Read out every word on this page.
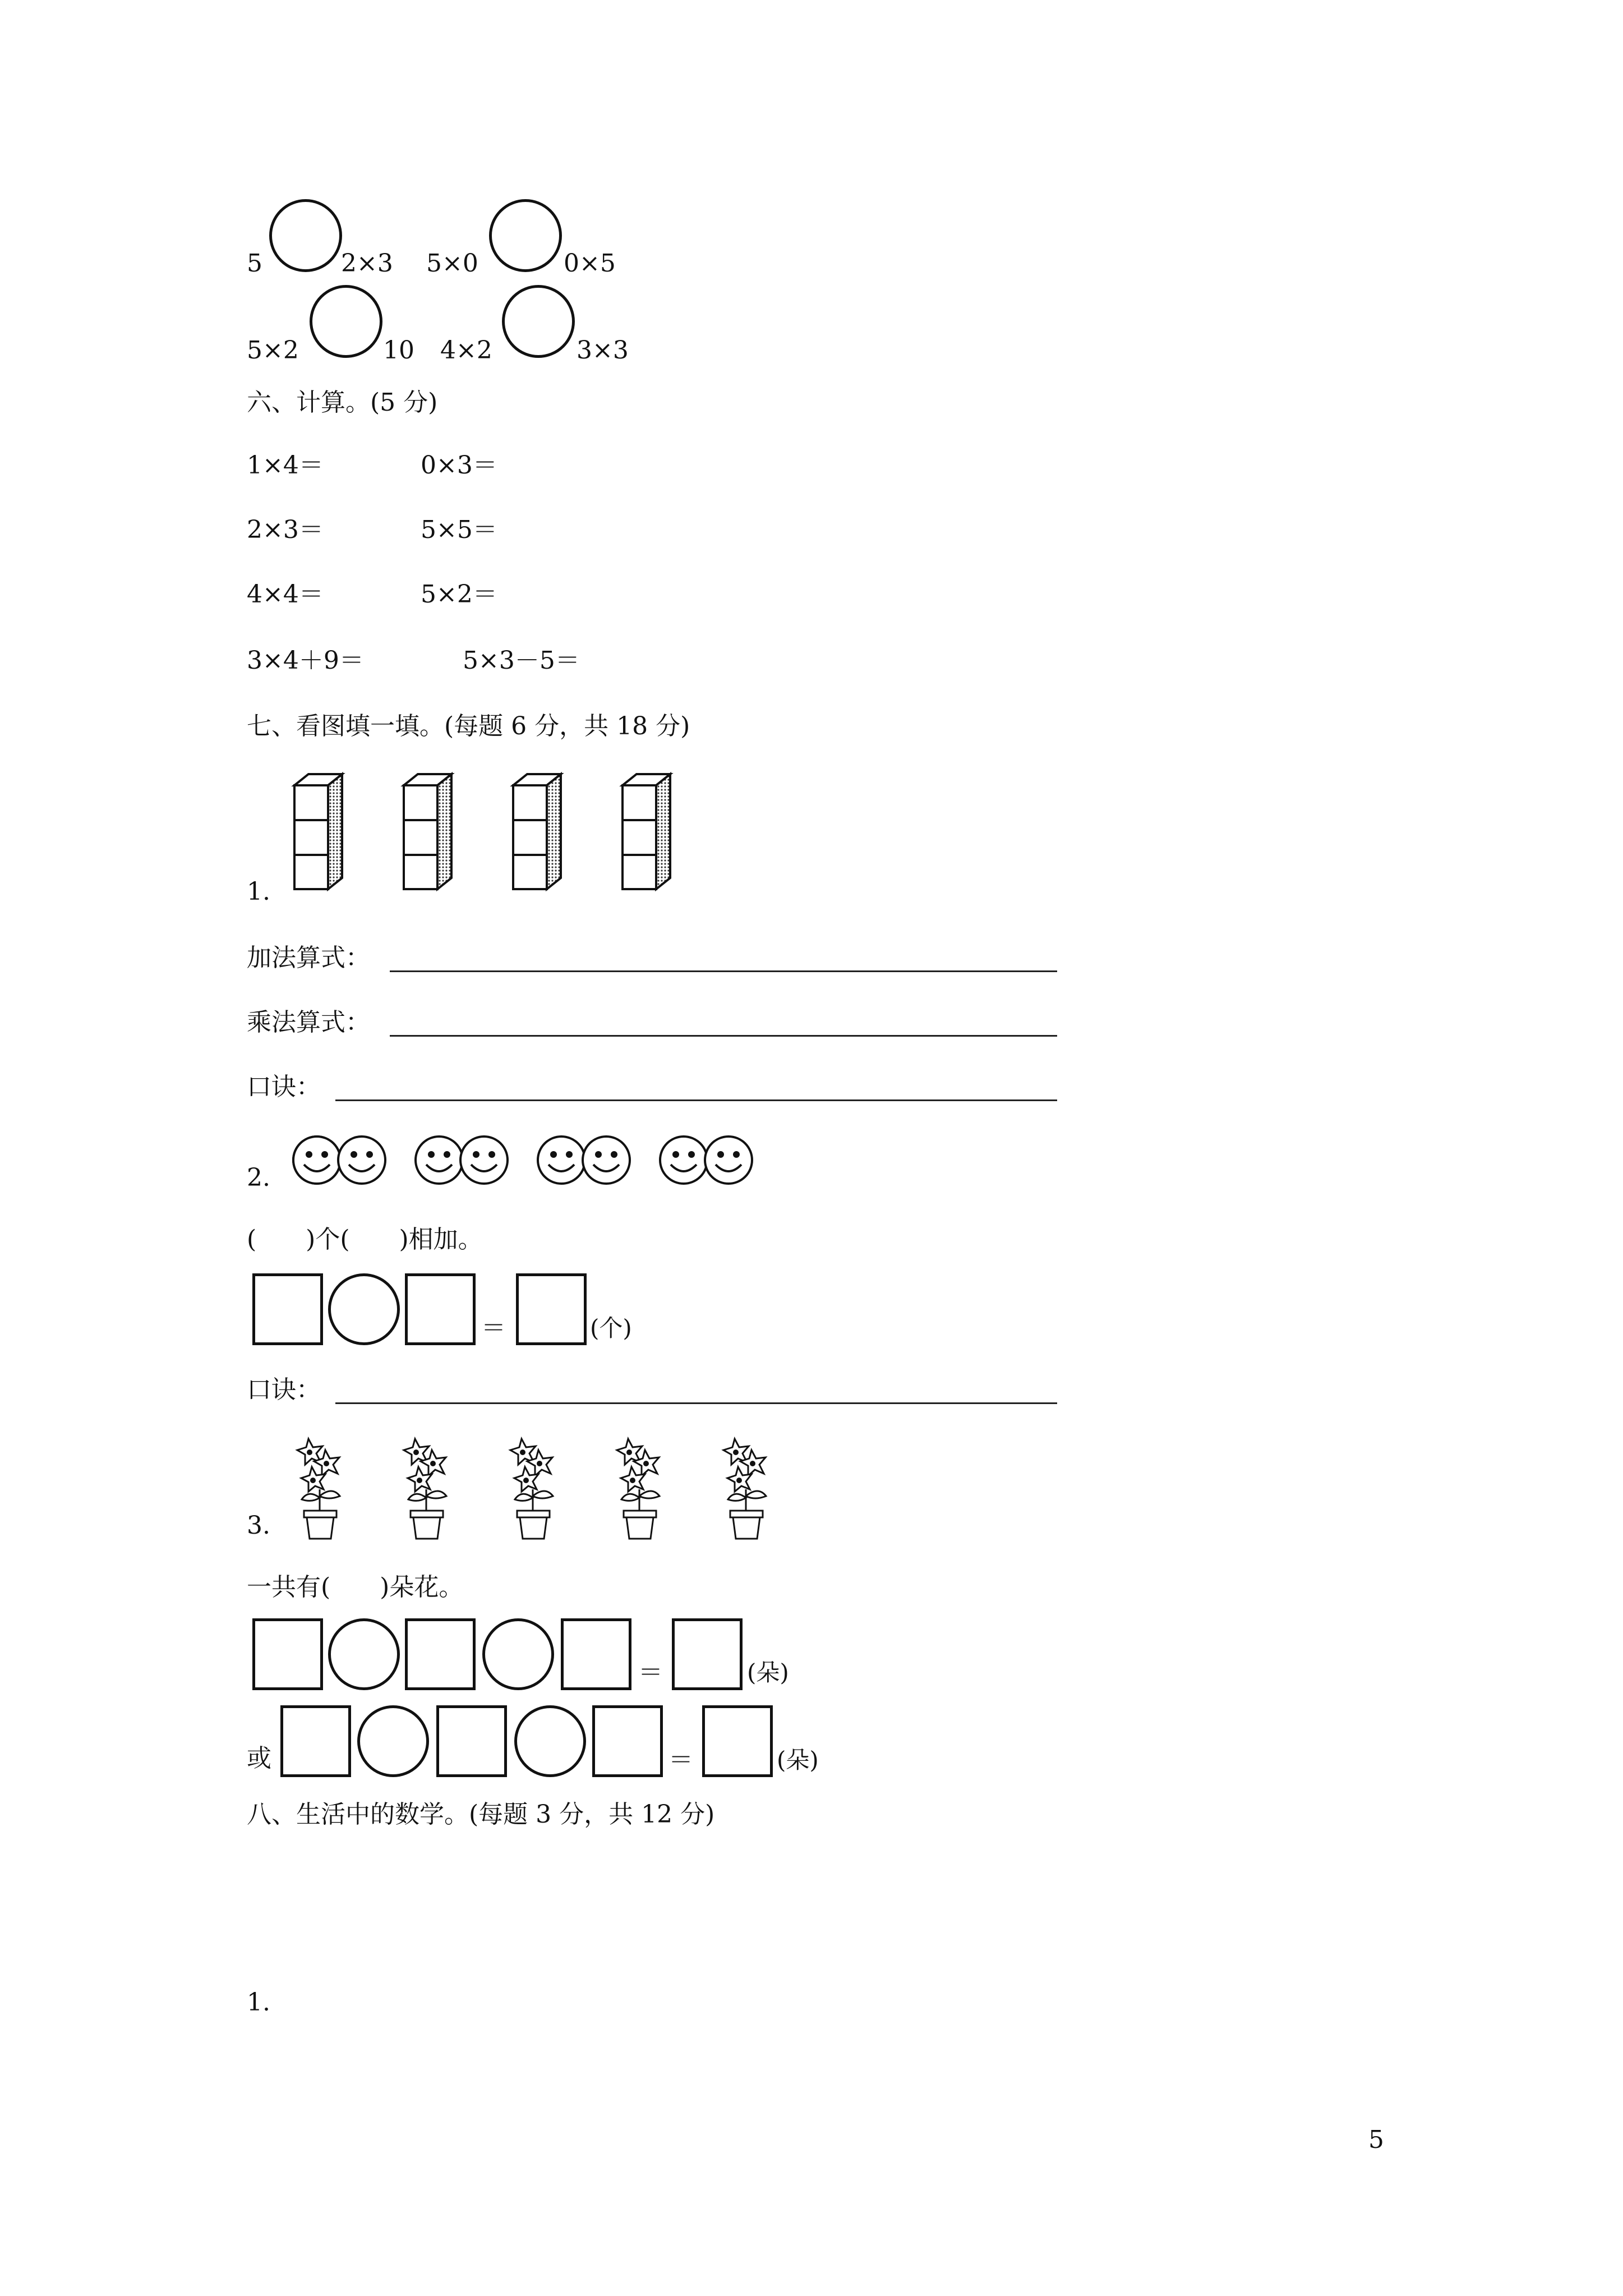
5	2×3 5×0	0×5
5×2	10 4×2	3×3
六、计算。(5 分)
1×4＝	0×3＝
2×3＝	5×5＝
4×4＝	5×2＝
3×4＋9＝	5×3－5＝
七、看图填一填。(每题 6 分，共 18 分)
1.
加法算式：
乘法算式：
口诀：
2.
(　　)个(　　)相加。
＝	(个)
口诀：
3.
一共有(　　)朵花。
＝	(朵)
或	＝	(朵)
八、生活中的数学。(每题 3 分，共 12 分)
1.
5
